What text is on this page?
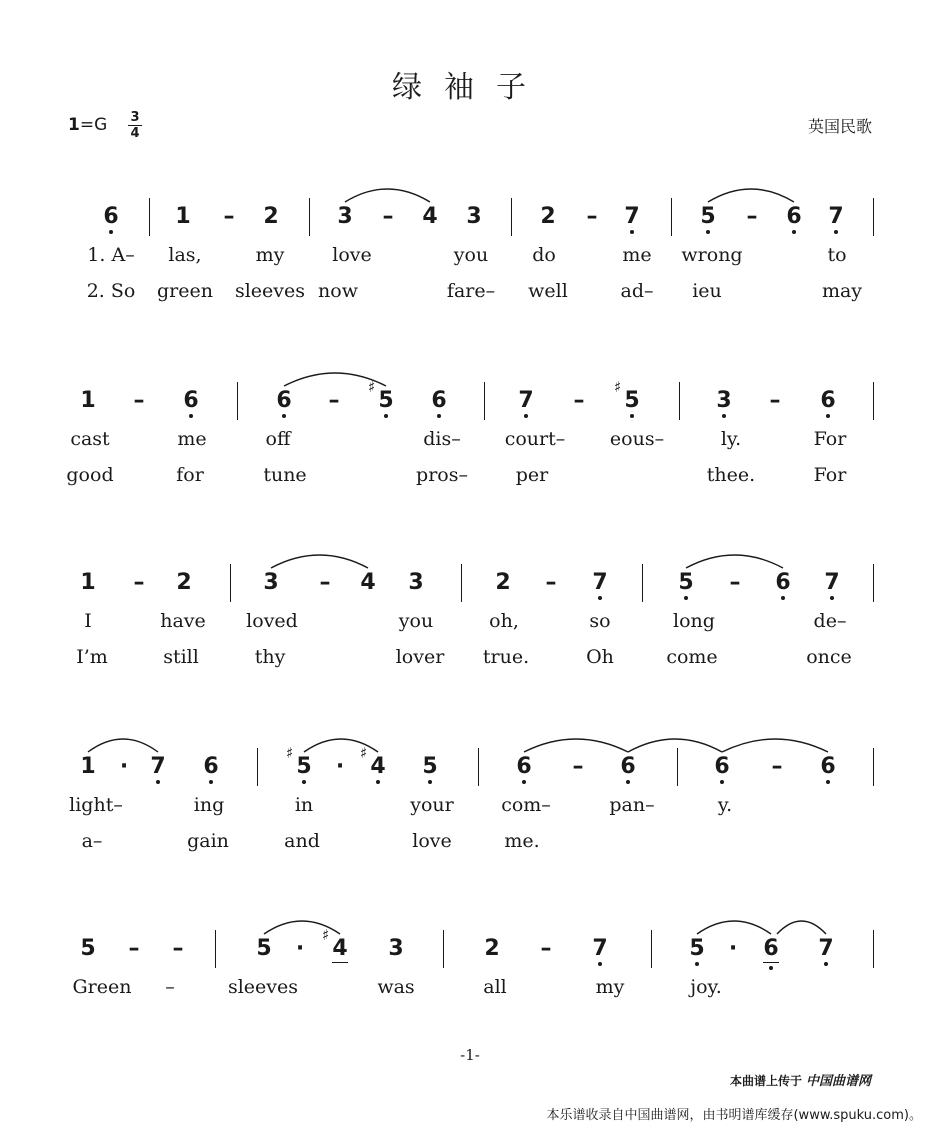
绿袖子
1=G 3
4	英国民歌
6	1 – 2	3 – 4 3	2 – 7	5 – 6 7
1. A– las,	my	love	you do	me wrong	to
2. So green sleeves now	fare– well	ad– ieu	may
1 – 6	6 – 5
♯
6	7 – 5
♯
3 – 6
cast	me	off	dis– court– eous–	ly.	For
good	for	tune	pros–	per	thee.	For
1 – 2	3 – 4 3	2 – 7	5 – 6 7
I	have loved	you	oh,	so	long	de–
I’m	still	thy	lover true.	Oh	come	once
1	·	7 6	5
♯
·	4
♯
5	6 – 6	6 – 6
light–	ing	in	your com–	pan–	y.
a–	gain	and	love	me.
5 – –	5	·	4
♯
3	2 – 7	5	·	6 7
Green –	sleeves	was	all	my	joy.
-1-
本曲谱上传于 中国曲谱网
本乐谱收录自中国曲谱网，由书明谱库缓存(www.spuku.com)。
